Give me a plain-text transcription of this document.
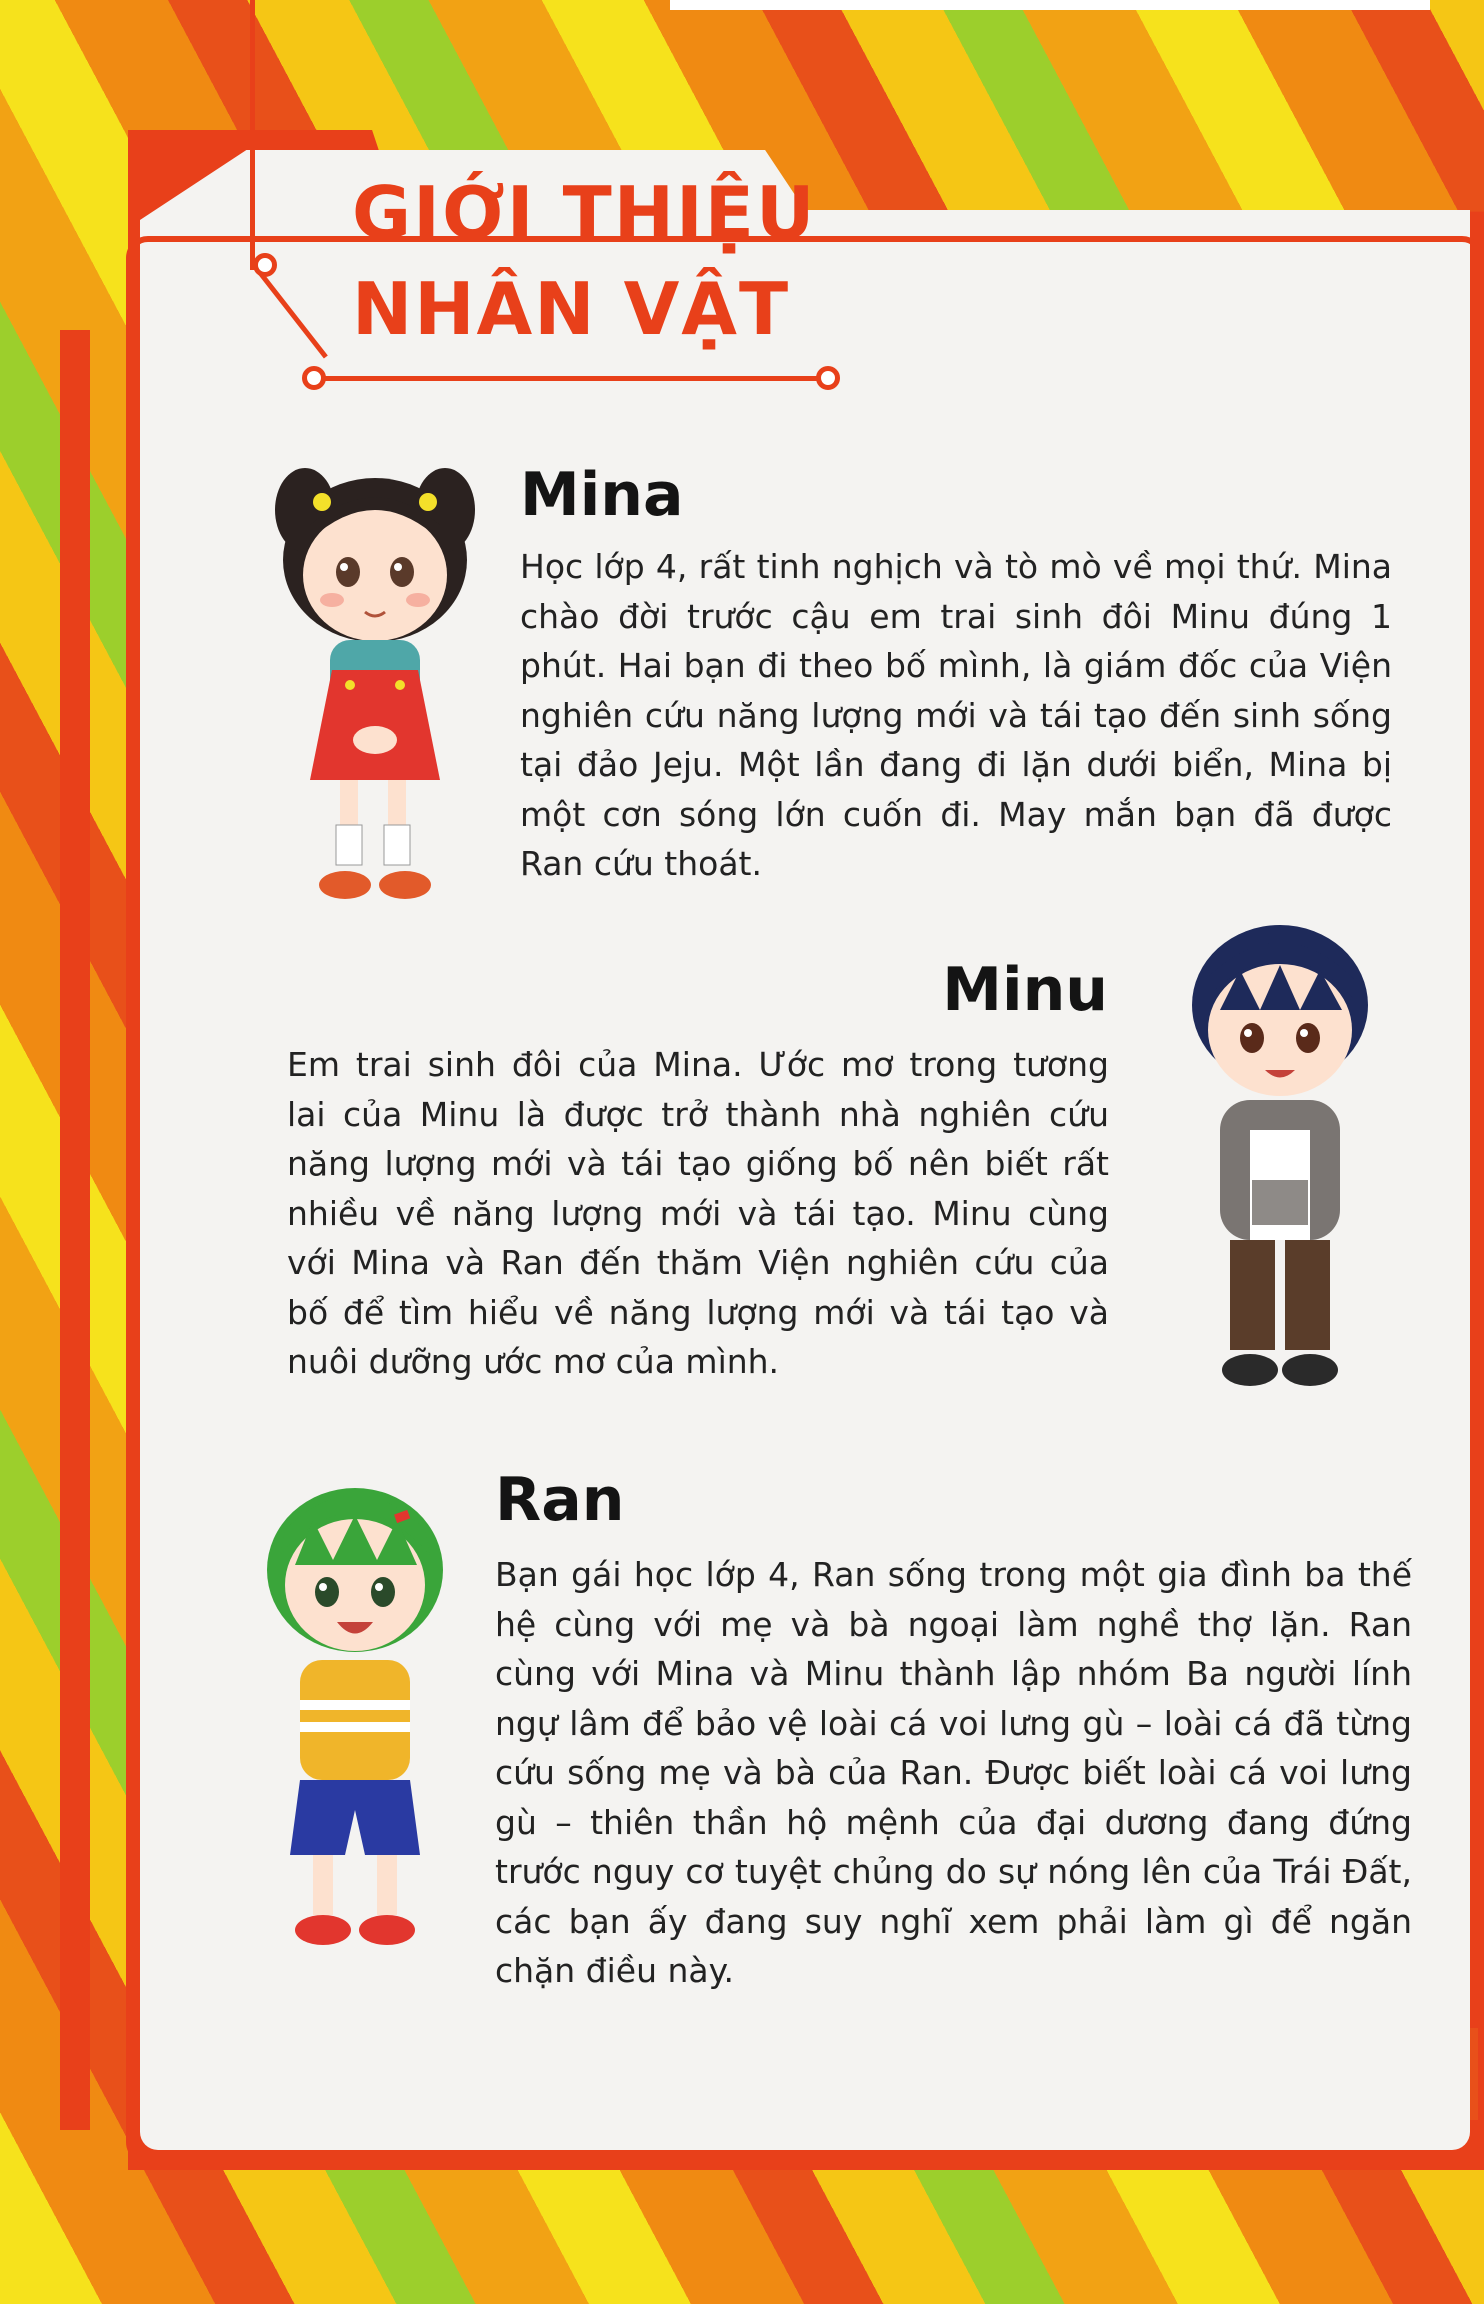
GIỚI THIỆU
NHÂN VẬT
Mina

Học lớp 4, rất tinh nghịch và tò mò về mọi thứ. Mina chào đời trước cậu em trai sinh đôi Minu đúng 1 phút. Hai bạn đi theo bố mình, là giám đốc của Viện nghiên cứu năng lượng mới và tái tạo đến sinh sống tại đảo Jeju. Một lần đang đi lặn dưới biển, Mina bị một cơn sóng lớn cuốn đi. May mắn bạn đã được Ran cứu thoát.

Minu

Em trai sinh đôi của Mina. Ước mơ trong tương lai của Minu là được trở thành nhà nghiên cứu năng lượng mới và tái tạo giống bố nên biết rất nhiều về năng lượng mới và tái tạo. Minu cùng với Mina và Ran đến thăm Viện nghiên cứu của bố để tìm hiểu về năng lượng mới và tái tạo và nuôi dưỡng ước mơ của mình.

Ran

Bạn gái học lớp 4, Ran sống trong một gia đình ba thế hệ cùng với mẹ và bà ngoại làm nghề thợ lặn. Ran cùng với Mina và Minu thành lập nhóm Ba người lính ngự lâm để bảo vệ loài cá voi lưng gù – loài cá đã từng cứu sống mẹ và bà của Ran. Được biết loài cá voi lưng gù – thiên thần hộ mệnh của đại dương đang đứng trước nguy cơ tuyệt chủng do sự nóng lên của Trái Đất, các bạn ấy đang suy nghĩ xem phải làm gì để ngăn chặn điều này.
